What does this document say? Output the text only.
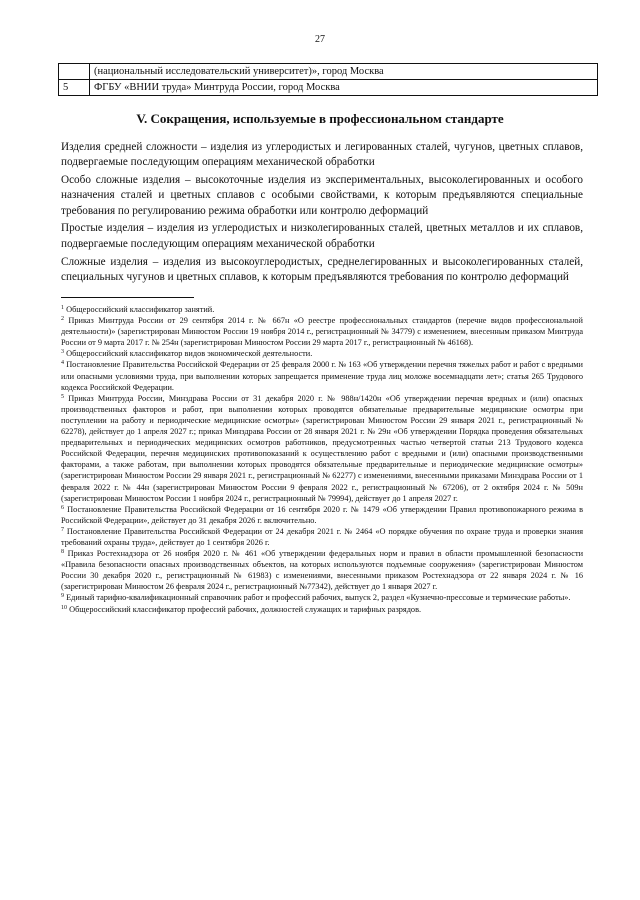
27
	(национальный исследовательский университет)», город Москва
5	ФГБУ «ВНИИ труда» Минтруда России, город Москва
V. Сокращения, используемые в профессиональном стандарте

Изделия средней сложности – изделия из углеродистых и легированных сталей, чугунов, цветных сплавов, подвергаемые последующим операциям механической обработки

Особо сложные изделия – высокоточные изделия из экспериментальных, высоколегированных и особого назначения сталей и цветных сплавов с особыми свойствами, к которым предъявляются специальные требования по регулированию режима обработки или контролю деформаций

Простые изделия – изделия из углеродистых и низколегированных сталей, цветных металлов и их сплавов, подвергаемые последующим операциям механической обработки

Сложные изделия – изделия из высокоуглеродистых, среднелегированных и высоколегированных сталей, специальных чугунов и цветных сплавов, к которым предъявляются требования по контролю деформаций

$^1$ Общероссийский классификатор занятий.

$^2$ Приказ Минтруда России от 29 сентября 2014 г. № 667н «О реестре профессиональных стандартов (перечне видов профессиональной деятельности)» (зарегистрирован Минюстом России 19 ноября 2014 г., регистрационный № 34779) с изменением, внесенным приказом Минтруда России от 9 марта 2017 г. № 254н (зарегистрирован Минюстом России 29 марта 2017 г., регистрационный № 46168).

$^3$ Общероссийский классификатор видов экономической деятельности.

$^4$ Постановление Правительства Российской Федерации от 25 февраля 2000 г. № 163 «Об утверждении перечня тяжелых работ и работ с вредными или опасными условиями труда, при выполнении которых запрещается применение труда лиц моложе восемнадцати лет»; статья 265 Трудового кодекса Российской Федерации.

$^5$ Приказ Минтруда России, Минздрава России от 31 декабря 2020 г. № 988н/1420н «Об утверждении перечня вредных и (или) опасных производственных факторов и работ, при выполнении которых проводятся обязательные предварительные медицинские осмотры при поступлении на работу и периодические медицинские осмотры» (зарегистрирован Минюстом России 29 января 2021 г., регистрационный № 62278), действует до 1 апреля 2027 г.; приказ Минздрава России от 28 января 2021 г. № 29н «Об утверждении Порядка проведения обязательных предварительных и периодических медицинских осмотров работников, предусмотренных частью четвертой статьи 213 Трудового кодекса Российской Федерации, перечня медицинских противопоказаний к осуществлению работ с вредными и (или) опасными производственными факторами, а также работам, при выполнении которых проводятся обязательные предварительные и периодические медицинские осмотры» (зарегистрирован Минюстом России 29 января 2021 г., регистрационный № 62277) с изменениями, внесенными приказами Минздрава России от 1 февраля 2022 г. № 44н (зарегистрирован Минюстом России 9 февраля 2022 г., регистрационный № 67206), от 2 октября 2024 г. № 509н (зарегистрирован Минюстом России 1 ноября 2024 г., регистрационный № 79994), действует до 1 апреля 2027 г.

$^6$ Постановление Правительства Российской Федерации от 16 сентября 2020 г. № 1479 «Об утверждении Правил противопожарного режима в Российской Федерации», действует до 31 декабря 2026 г. включительно.

$^7$ Постановление Правительства Российской Федерации от 24 декабря 2021 г. № 2464 «О порядке обучения по охране труда и проверки знания требований охраны труда», действует до 1 сентября 2026 г.

$^8$ Приказ Ростехнадзора от 26 ноября 2020 г. № 461 «Об утверждении федеральных норм и правил в области промышленной безопасности «Правила безопасности опасных производственных объектов, на которых используются подъемные сооружения» (зарегистрирован Минюстом России 30 декабря 2020 г., регистрационный № 61983) с изменениями, внесенными приказом Ростехнадзора от 22 января 2024 г. № 16 (зарегистрирован Минюстом 26 февраля 2024 г., регистрационный №77342), действует до 1 января 2027 г.

$^9$ Единый тарифно-квалификационный справочник работ и профессий рабочих, выпуск 2, раздел «Кузнечно-прессовые и термические работы».

$^{10}$ Общероссийский классификатор профессий рабочих, должностей служащих и тарифных разрядов.
